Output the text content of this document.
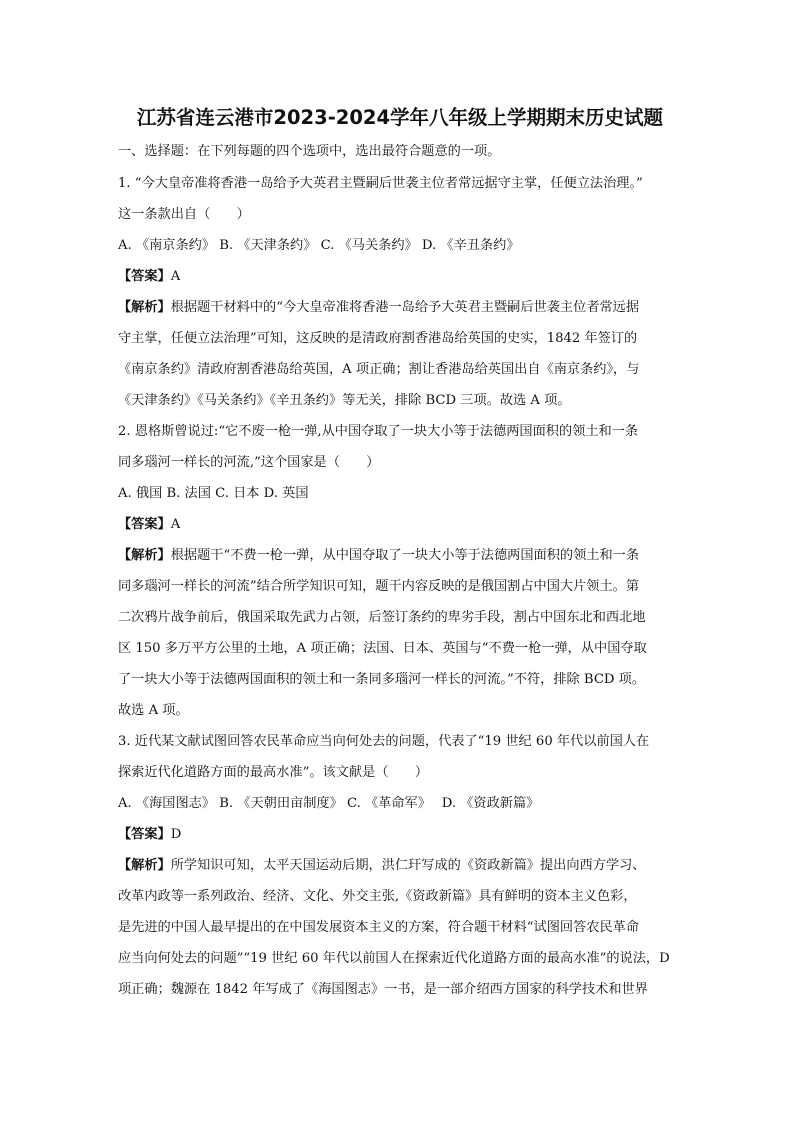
江苏省连云港市2023-2024学年八年级上学期期末历史试题
一、选择题：在下列每题的四个选项中，选出最符合题意的一项。
1. “今大皇帝准将香港一岛给予大英君主暨嗣后世袭主位者常远据守主掌，任便立法治理。”
这一条款出自（　　）
A. 《南京条约》 B. 《天津条约》 C. 《马关条约》 D. 《辛丑条约》
【答案】A
【解析】根据题干材料中的“今大皇帝准将香港一岛给予大英君主暨嗣后世袭主位者常远据
守主掌，任便立法治理”可知，这反映的是清政府割香港岛给英国的史实，1842 年签订的
《南京条约》清政府割香港岛给英国，A 项正确；割让香港岛给英国出自《南京条约》，与
《天津条约》《马关条约》《辛丑条约》等无关，排除 BCD 三项。故选 A 项。
2. 恩格斯曾说过:“它不废一枪一弹,从中国夺取了一块大小等于法德两国面积的领土和一条
同多瑙河一样长的河流,”这个国家是（　　）
A. 俄国 B. 法国 C. 日本 D. 英国
【答案】A
【解析】根据题干“不费一枪一弹，从中国夺取了一块大小等于法德两国面积的领土和一条
同多瑙河一样长的河流”结合所学知识可知，题干内容反映的是俄国割占中国大片领土。第
二次鸦片战争前后，俄国采取先武力占领，后签订条约的卑劣手段，割占中国东北和西北地
区 150 多万平方公里的土地，A 项正确；法国、日本、英国与“不费一枪一弹，从中国夺取
了一块大小等于法德两国面积的领土和一条同多瑙河一样长的河流。”不符，排除 BCD 项。
故选 A 项。
3. 近代某文献试图回答农民革命应当向何处去的问题，代表了“19 世纪 60 年代以前国人在
探索近代化道路方面的最高水准”。该文献是（　　）
A. 《海国图志》 B. 《天朝田亩制度》 C. 《革命军》　 D. 《资政新篇》
【答案】D
【解析】所学知识可知，太平天国运动后期，洪仁玕写成的《资政新篇》提出向西方学习、
改革内政等一系列政治、经济、文化、外交主张,《资政新篇》具有鲜明的资本主义色彩，
是先进的中国人最早提出的在中国发展资本主义的方案，符合题干材料“试图回答农民革命
应当向何处去的问题”“19 世纪 60 年代以前国人在探索近代化道路方面的最高水准”的说法，D
项正确；魏源在 1842 年写成了《海国图志》一书，是一部介绍西方国家的科学技术和世界
